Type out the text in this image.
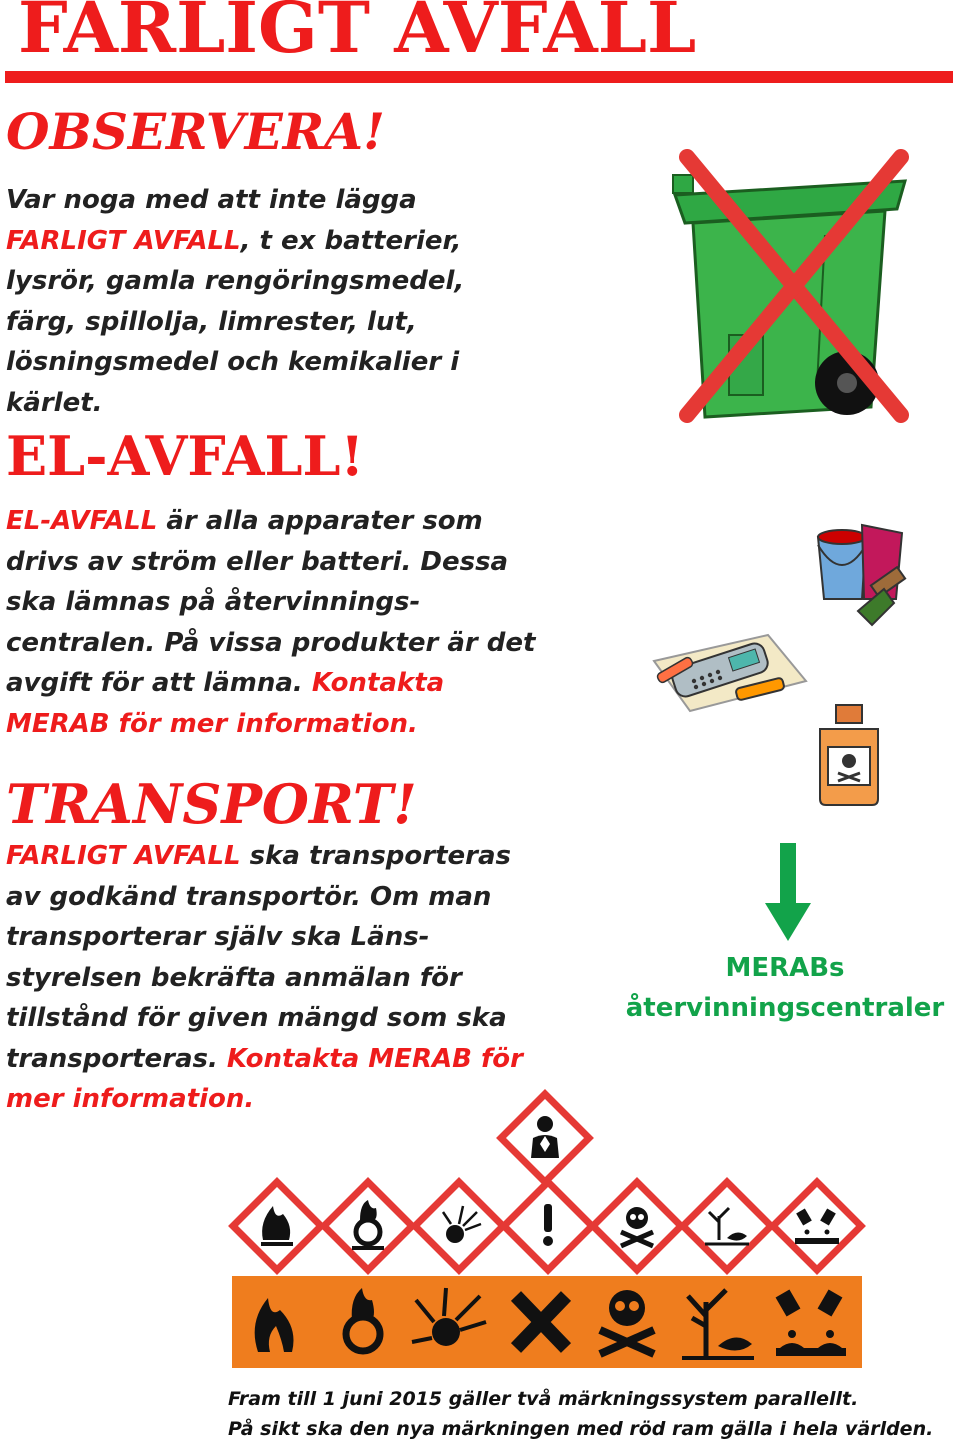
FARLIGT AVFALL
OBSERVERA!
Var noga med att inte lägga
FARLIGT AVFALL, t ex batterier,
lysrör, gamla rengöringsmedel,
färg, spillolja, limrester, lut,
lösningsmedel och kemikalier i
kärlet.
EL-AVFALL!
EL-AVFALL är alla apparater som
drivs av ström eller batteri. Dessa
ska lämnas på återvinnings-
centralen. På vissa produkter är det
avgift för att lämna. Kontakta
MERAB för mer information.
TRANSPORT!
FARLIGT AVFALL ska transporteras
av godkänd transportör. Om man
transporterar själv ska Läns-
styrelsen bekräfta anmälan för
tillstånd för given mängd som ska
transporteras. Kontakta MERAB för
mer information.
MERABs
återvinningscentraler
Fram till 1 juni 2015 gäller två märkningssystem parallellt.
På sikt ska den nya märkningen med röd ram gälla i hela världen.
